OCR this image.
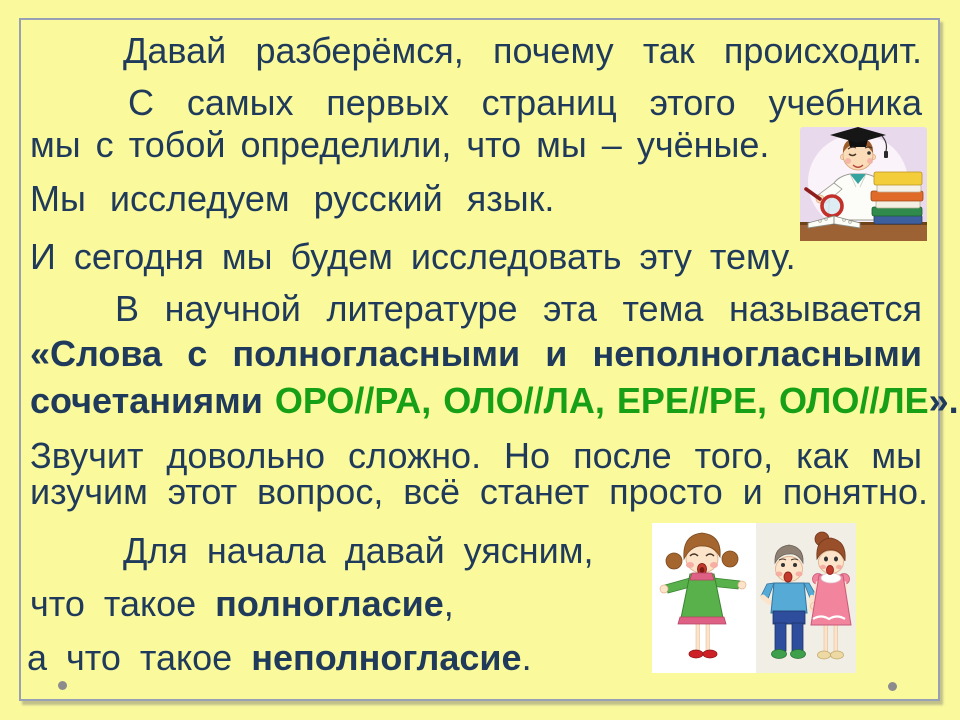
Давай разберёмся, почему так происходит.
С самых первых страниц этого учебника
мы с тобой определили, что мы – учёные.
Мы исследуем русский язык.
И сегодня мы будем исследовать эту тему.
В научной литературе эта тема называется
«Слова с полногласными и неполногласными
сочетаниями ОРО//РА, ОЛО//ЛА, ЕРЕ//РЕ, ОЛО//ЛЕ».
Звучит довольно сложно. Но после того, как мы
изучим этот вопрос, всё станет просто и понятно.
Для начала давай уясним,
что такое полногласие,
а что такое неполногласие.
